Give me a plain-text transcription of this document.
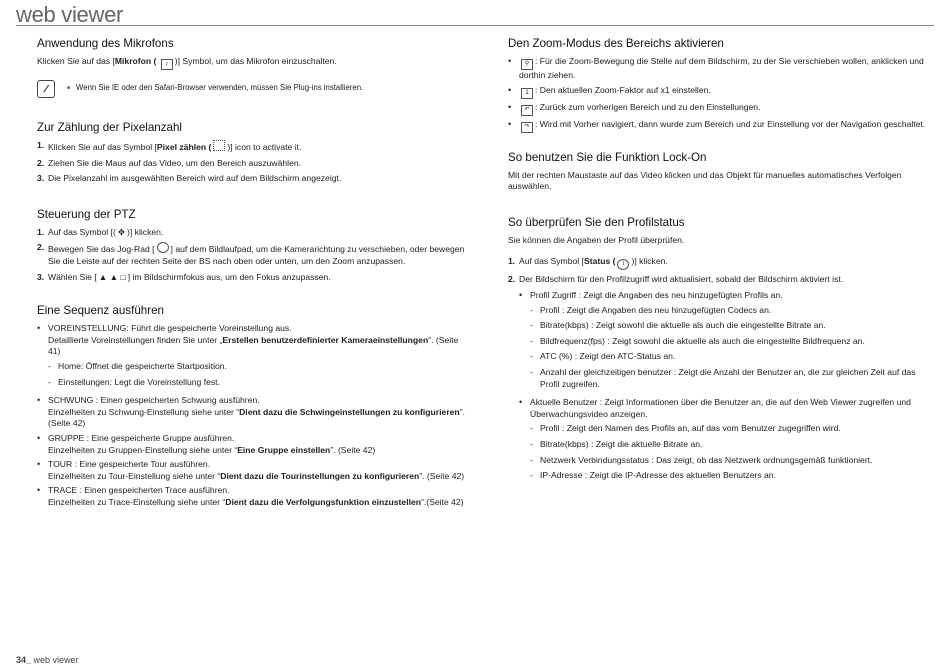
web viewer
Anwendung des Mikrofons

Klicken Sie auf das [Mikrofon ( ♪ )] Symbol, um das Mikrofon einzuschalten.

■ Wenn Sie IE oder den Safari-Browser verwenden, müssen Sie Plug-ins installieren.
Zur Zählung der Pixelanzahl
1. Klicken Sie auf das Symbol [Pixel zählen ( )] icon to activate it.
2. Ziehen Sie die Maus auf das Video, um den Bereich auszuwählen.
3. Die Pixelanzahl im ausgewählten Bereich wird auf dem Bildschirm angezeigt.
Steuerung der PTZ
1. Auf das Symbol [( ✥ )] klicken.
2. Bewegen Sie das Jog-Rad [ ] auf dem Bildlaufpad, um die Kamerarichtung zu verschieben, oder bewegen Sie die Leiste auf der rechten Seite der BS nach oben oder unten, um den Zoom anzupassen.
3. Wählen Sie [ ▲ ▲ □ ] im Bildschirmfokus aus, um den Fokus anzupassen.
Eine Sequenz ausführen
• VOREINSTELLUNG: Führt die gespeicherte Voreinstellung aus.
Detaillierte Voreinstellungen finden Sie unter „Erstellen benutzerdefinierter Kameraeinstellungen“. (Seite 41)
- Home: Öffnet die gespeicherte Startposition.
- Einstellungen: Legt die Voreinstellung fest.
• SCHWUNG : Einen gespeicherten Schwung ausführen.
Einzelheiten zu Schwung-Einstellung siehe unter “Dient dazu die Schwingeinstellungen zu konfigurieren”.(Seite 42)
• GRUPPE : Eine gespeicherte Gruppe ausführen.
Einzelheiten zu Gruppen-Einstellung siehe unter “Eine Gruppe einstellen”. (Seite 42)
• TOUR : Eine gespeicherte Tour ausführen.
Einzelheiten zu Tour-Einstellung siehe unter “Dient dazu die Tourinstellungen zu konfigurieren”. (Seite 42)
• TRACE : Einen gespeicherten Trace ausführen.
Einzelheiten zu Trace-Einstellung siehe unter “Dient dazu die Verfolgungsfunktion einzustellen”.(Seite 42)
Den Zoom-Modus des Bereichs aktivieren
•	⚲ : Für die Zoom-Bewegung die Stelle auf dem Bildschirm, zu der Sie verschieben wollen, anklicken und dorthin ziehen.
•	1 : Den aktuellen Zoom-Faktor auf x1 einstellen.
•	↶ : Zurück zum vorherigen Bereich und zu den Einstellungen.
•	↷ : Wird mit Vorher navigiert, dann wurde zum Bereich und zur Einstellung vor der Navigation geschaltet.
So benutzen Sie die Funktion Lock-On

Mit der rechten Maustaste auf das Video klicken und das Objekt für manuelles automatisches Verfolgen auswählen.

So überprüfen Sie den Profilstatus

Sie können die Angaben der Profil überprüfen.

1. Auf das Symbol [Status ( i )] klicken.
2. Der Bildschirm für den Profilzugriff wird aktualisiert, sobald der Bildschirm aktiviert ist.
• Profil Zugriff : Zeigt die Angaben des neu hinzugefügten Profils an.
- Profil : Zeigt die Angaben des neu hinzugefügten Codecs an.
- Bitrate(kbps) : Zeigt sowohl die aktuelle als auch die eingestellte Bitrate an.
- Bildfrequenz(fps) : Zeigt sowohl die aktuelle als auch die eingestellte Bildfrequenz an.
- ATC (%) : Zeigt den ATC-Status an.
- Anzahl der gleichzeitigen benutzer : Zeigt die Anzahl der Benutzer an, die zur gleichen Zeit auf das Profil zugreifen.
• Aktuelle Benutzer : Zeigt Informationen über die Benutzer an, die auf den Web Viewer zugreifen und Überwachungsvideo anzeigen.
- Profil : Zeigt den Namen des Profils an, auf das vom Benutzer zugegriffen wird.
- Bitrate(kbps) : Zeigt die aktuelle Bitrate an.
- Netzwerk Verbindungsstatus : Das zeigt, ob das Netzwerk ordnungsgemäß funktioniert.
- IP-Adresse : Zeigt die IP-Adresse des aktuellen Benutzers an.
34_ web viewer
